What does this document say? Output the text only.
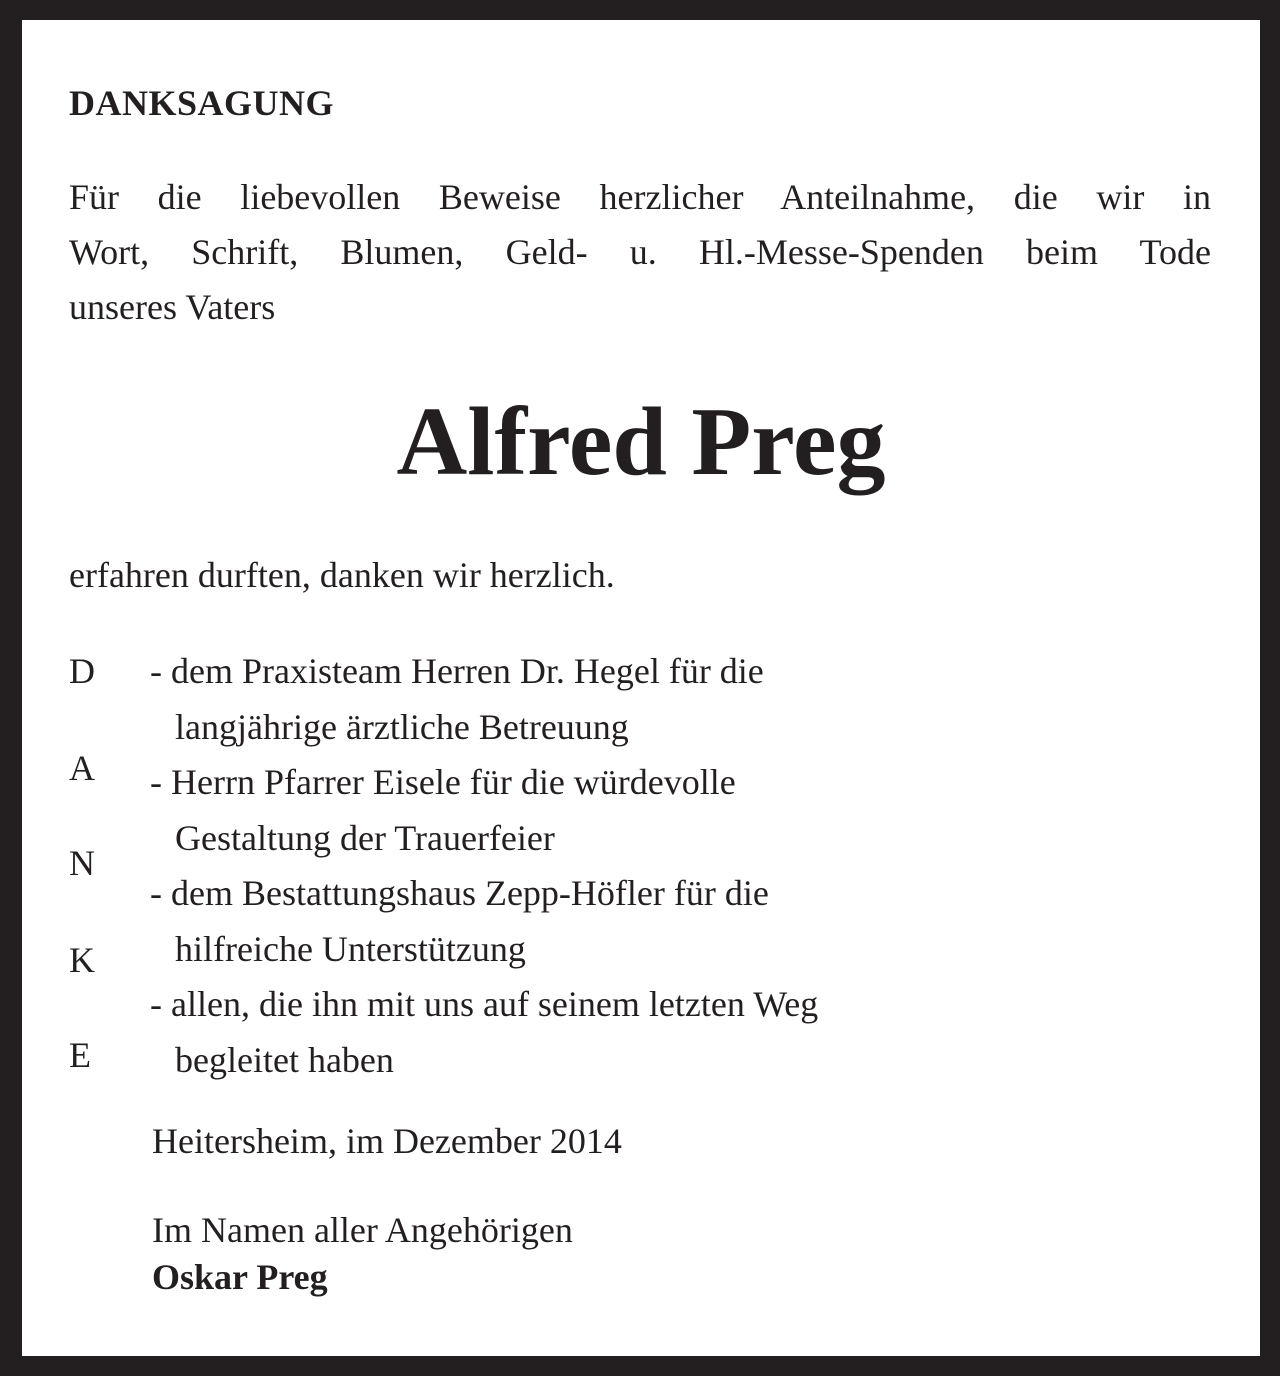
DANKSAGUNG

Für die liebevollen Beweise herzlicher Anteilnahme, die wir in
Wort, Schrift, Blumen, Geld- u. Hl.-Messe-Spenden beim Tode
unseres Vaters

Alfred Preg

erfahren durften, danken wir herzlich.

D
A
N
K
E
- dem Praxisteam Herren Dr. Hegel für die
langjährige ärztliche Betreuung
- Herrn Pfarrer Eisele für die würdevolle
Gestaltung der Trauerfeier
- dem Bestattungshaus Zepp-Höfler für die
hilfreiche Unterstützung
- allen, die ihn mit uns auf seinem letzten Weg
begleitet haben

Heitersheim, im Dezember 2014

Im Namen aller Angehörigen

Oskar Preg
